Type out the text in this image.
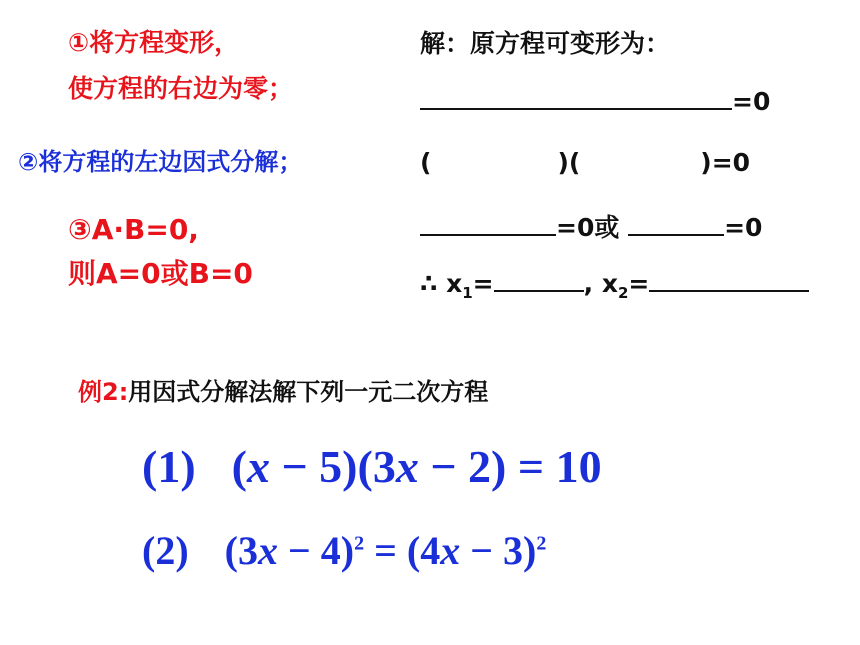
①将方程变形，
使方程的右边为零；
②将方程的左边因式分解；
③A·B=0,
则A=0或B=0
解：原方程可变形为：
=0
(	)(	)=0
=0或	=0
∴ $x_1=$	, $x_2=$
例2:用因式分解法解下列一元二次方程
(1) (x − 5)(3x − 2) = 10
(2) $(3x - 4)^2 = (4x - 3)^2$
